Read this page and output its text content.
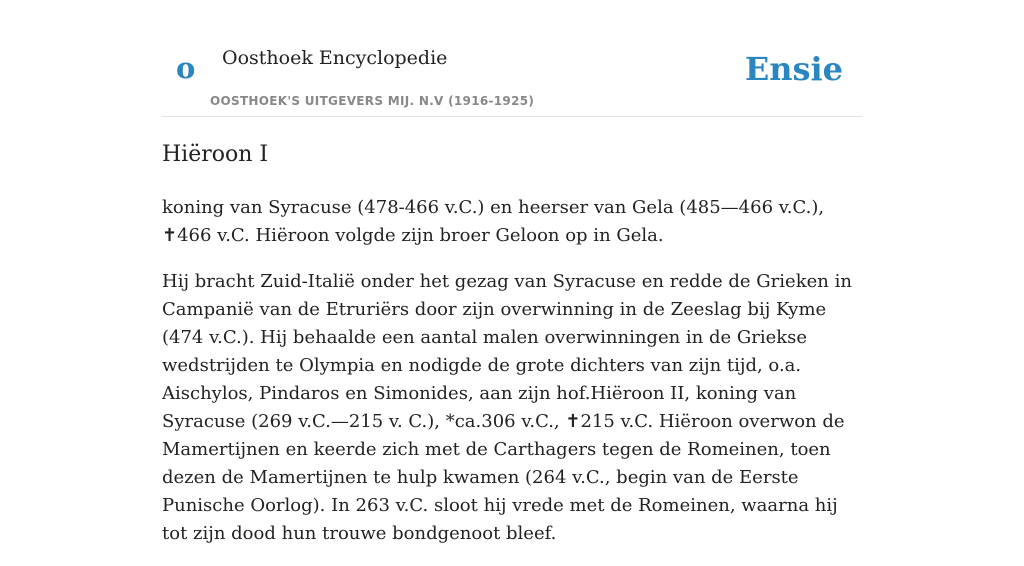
o Oosthoek Encyclopedie
OOSTHOEK'S UITGEVERS MIJ. N.V (1916-1925)
Ensie
Hiëroon I

koning van Syracuse (478-466 v.C.) en heerser van Gela (485—466 v.C.), ✝466 v.C. Hiëroon volgde zijn broer Geloon op in Gela.

Hij bracht Zuid-Italië onder het gezag van Syracuse en redde de Grieken in Campanië van de Etruriërs door zijn overwinning in de Zeeslag bij Kyme (474 v.C.). Hij behaalde een aantal malen overwinningen in de Griekse wedstrijden te Olympia en nodigde de grote dichters van zijn tijd, o.a. Aischylos, Pindaros en Simonides, aan zijn hof.Hiëroon II, koning van Syracuse (269 v.C.—215 v. C.), *ca.306 v.C., ✝215 v.C. Hiëroon overwon de Mamertijnen en keerde zich met de Carthagers tegen de Romeinen, toen dezen de Mamertijnen te hulp kwamen (264 v.C., begin van de Eerste Punische Oorlog). In 263 v.C. sloot hij vrede met de Romeinen, waarna hij tot zijn dood hun trouwe bondgenoot bleef.
